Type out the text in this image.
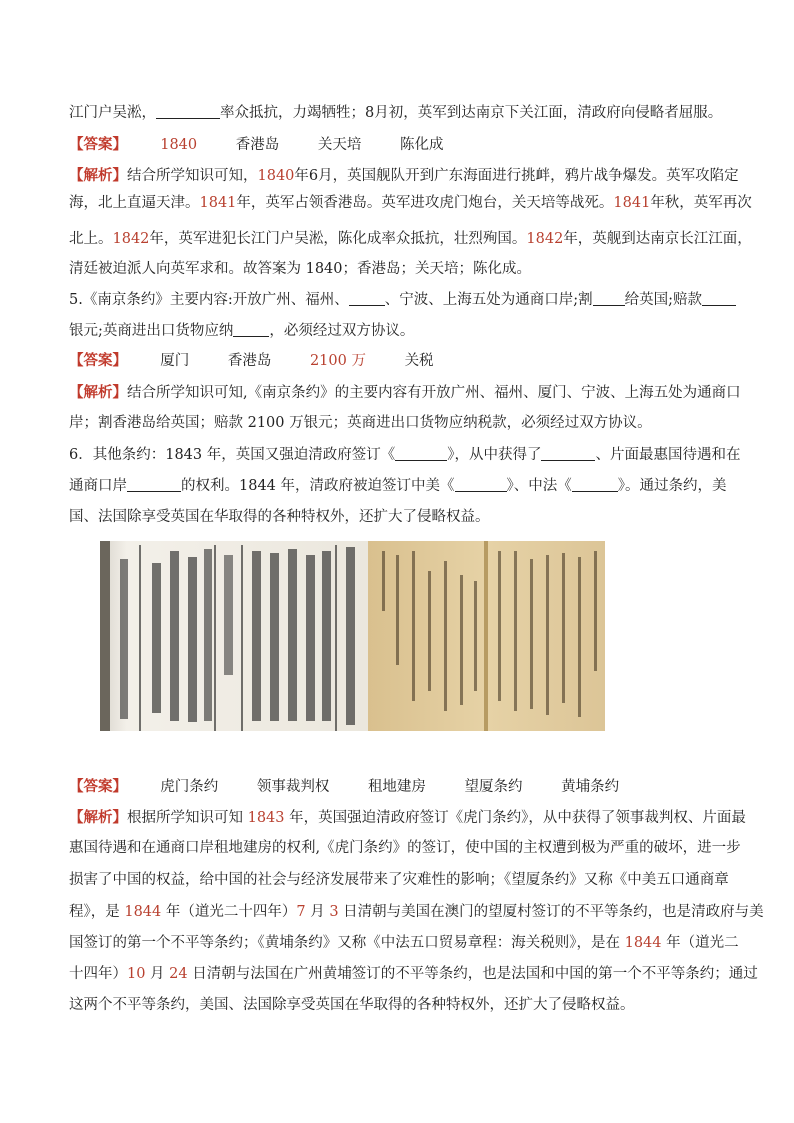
江门户吴淞，	率众抵抗，力竭牺牲；8月初，英军到达南京下关江面，清政府向侵略者屈服。
【答案】 1840	香港岛	关天培	陈化成
【解析】结合所学知识可知，1840年6月，英国舰队开到广东海面进行挑衅，鸦片战争爆发。英军攻陷定
海，北上直逼天津。1841年，英军占领香港岛。英军进攻虎门炮台，关天培等战死。1841年秋，英军再次
北上。1842年，英军进犯长江门户吴淞，陈化成率众抵抗，壮烈殉国。1842年，英舰到达南京长江江面，
清廷被迫派人向英军求和。故答案为 1840；香港岛；关天培；陈化成。
5.《南京条约》主要内容:开放广州、福州、 、宁波、上海五处为通商口岸;割 给英国;赔款
银元;英商进出口货物应纳 ，必须经过双方协议。
【答案】 厦门	香港岛	2100 万	关税
【解析】结合所学知识可知,《南京条约》的主要内容有开放广州、福州、厦门、宁波、上海五处为通商口
岸；割香港岛给英国；赔款 2100 万银元；英商进出口货物应纳税款，必须经过双方协议。
6．其他条约：1843 年，英国又强迫清政府签订《	》，从中获得了	、片面最惠国待遇和在
通商口岸	的权利。1844 年，清政府被迫签订中美《	》、中法《	》。通过条约，美
国、法国除享受英国在华取得的各种特权外，还扩大了侵略权益。
【答案】 虎门条约	领事裁判权	租地建房	望厦条约	黄埔条约
【解析】根据所学知识可知 1843 年，英国强迫清政府签订《虎门条约》，从中获得了领事裁判权、片面最
惠国待遇和在通商口岸租地建房的权利,《虎门条约》的签订，使中国的主权遭到极为严重的破坏，进一步
损害了中国的权益，给中国的社会与经济发展带来了灾难性的影响；《望厦条约》又称《中美五口通商章
程》，是 1844 年（道光二十四年）7 月 3 日清朝与美国在澳门的望厦村签订的不平等条约，也是清政府与美
国签订的第一个不平等条约；《黄埔条约》又称《中法五口贸易章程：海关税则》，是在 1844 年（道光二
十四年）10 月 24 日清朝与法国在广州黄埔签订的不平等条约，也是法国和中国的第一个不平等条约；通过
这两个不平等条约，美国、法国除享受英国在华取得的各种特权外，还扩大了侵略权益。
